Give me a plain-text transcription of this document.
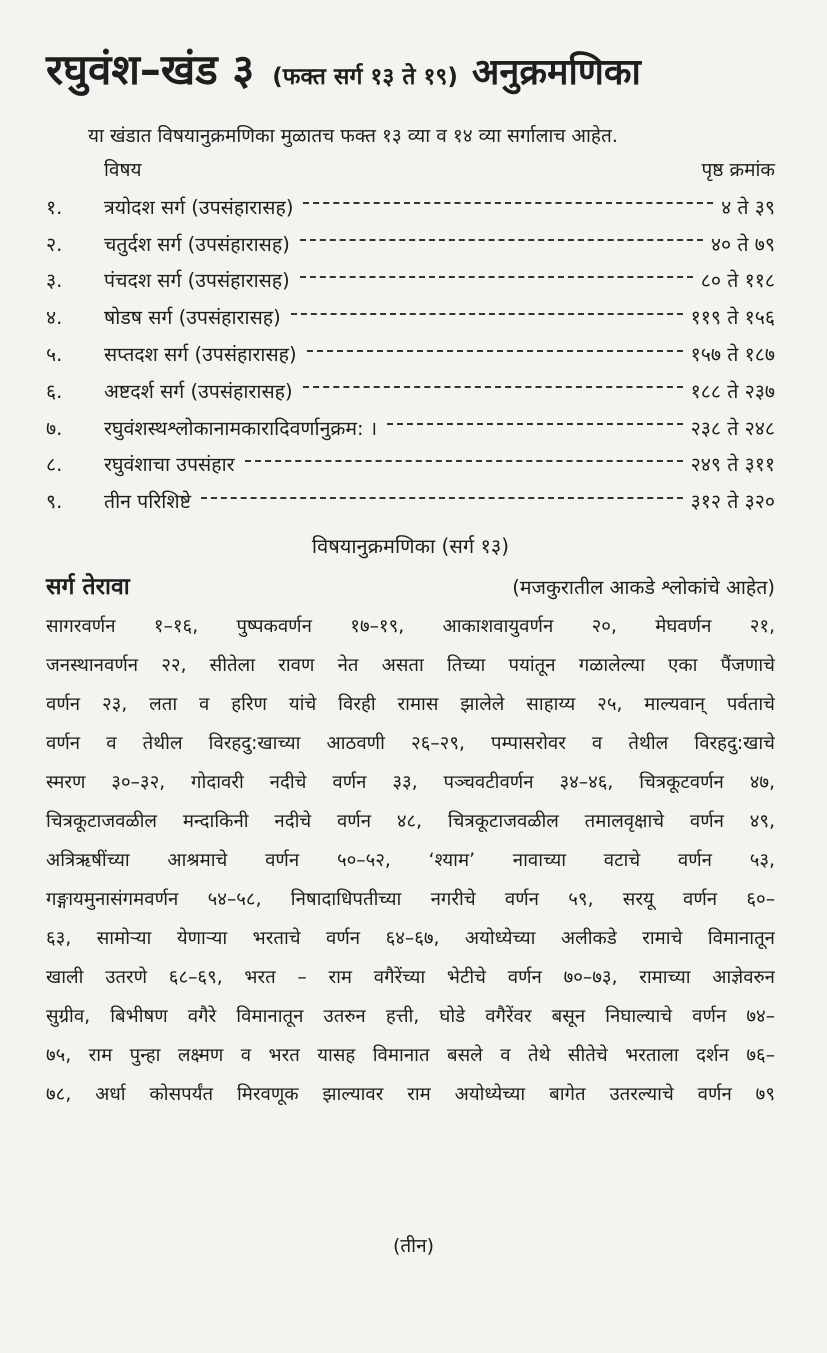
रघुवंश–खंड ३ (फक्त सर्ग १३ ते १९) अनुक्रमणिका
या खंडात विषयानुक्रमणिका मुळातच फक्त १३ व्या व १४ व्या सर्गालाच आहेत.
विषय	पृष्ठ क्रमांक
१.	त्रयोदश सर्ग (उपसंहारासह)	४ ते ३९
२.	चतुर्दश सर्ग (उपसंहारासह)	४० ते ७९
३.	पंचदश सर्ग (उपसंहारासह)	८० ते ११८
४.	षोडष सर्ग (उपसंहारासह)	११९ ते १५६
५.	सप्तदश सर्ग (उपसंहारासह)	१५७ ते १८७
६.	अष्टदर्श सर्ग (उपसंहारासह)	१८८ ते २३७
७.	रघुवंशस्थश्लोकानामकारादिवर्णानुक्रम: ।	२३८ ते २४८
८.	रघुवंशाचा उपसंहार	२४९ ते ३११
९.	तीन परिशिष्टे	३१२ ते ३२०
विषयानुक्रमणिका (सर्ग १३)
सर्ग तेरावा	(मजकुरातील आकडे श्लोकांचे आहेत)
सागरवर्णन १–१६, पुष्पकवर्णन १७–१९, आकाशवायुवर्णन २०, मेघवर्णन २१,
जनस्थानवर्णन २२, सीतेला रावण नेत असता तिच्या पयांतून गळालेल्या एका पैंजणाचे
वर्णन २३, लता व हरिण यांचे विरही रामास झालेले साहाय्य २५, माल्यवान् पर्वताचे
वर्णन व तेथील विरहदु:खाच्या आठवणी २६–२९, पम्पासरोवर व तेथील विरहदु:खाचे
स्मरण ३०–३२, गोदावरी नदीचे वर्णन ३३, पञ्चवटीवर्णन ३४–४६, चित्रकूटवर्णन ४७,
चित्रकूटाजवळील मन्दाकिनी नदीचे वर्णन ४८, चित्रकूटाजवळील तमालवृक्षाचे वर्णन ४९,
अत्रिऋषींच्या आश्रमाचे वर्णन ५०–५२, ‘श्याम’ नावाच्या वटाचे वर्णन ५३,
गङ्गायमुनासंगमवर्णन ५४–५८, निषादाधिपतीच्या नगरीचे वर्णन ५९, सरयू वर्णन ६०–
६३, सामोऱ्या येणाऱ्या भरताचे वर्णन ६४–६७, अयोध्येच्या अलीकडे रामाचे विमानातून
खाली उतरणे ६८–६९, भरत – राम वगैरेंच्या भेटीचे वर्णन ७०–७३, रामाच्या आज्ञेवरुन
सुग्रीव, बिभीषण वगैरे विमानातून उतरुन हत्ती, घोडे वगैरेंवर बसून निघाल्याचे वर्णन ७४–
७५, राम पुन्हा लक्ष्मण व भरत यासह विमानात बसले व तेथे सीतेचे भरताला दर्शन ७६–
७८, अर्धा कोसपर्यंत मिरवणूक झाल्यावर राम अयोध्येच्या बागेत उतरल्याचे वर्णन ७९
(तीन)
